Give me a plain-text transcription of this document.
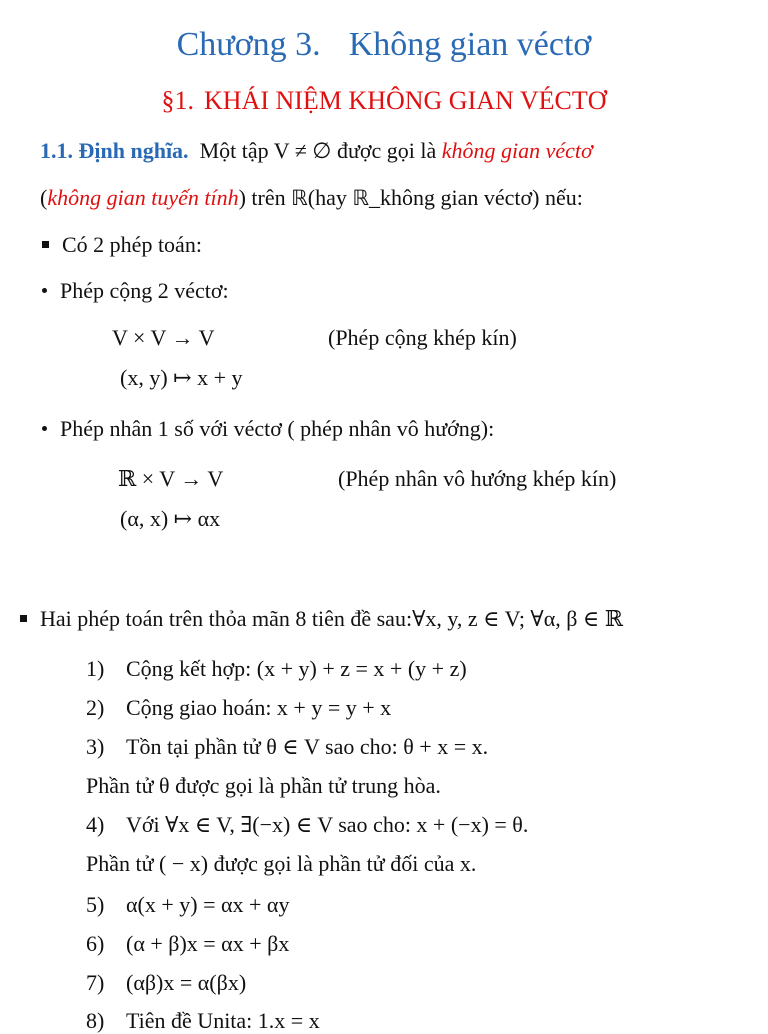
Chương 3. Không gian véctơ
§1. KHÁI NIỆM KHÔNG GIAN VÉCTƠ
1.1. Định nghĩa. Một tập V ≠ ∅ được gọi là không gian véctơ
(không gian tuyến tính) trên ℝ(hay ℝ_không gian véctơ) nếu:
Có 2 phép toán:
Phép cộng 2 véctơ:
V × V → V	(Phép cộng khép kín)
(x, y) ↦ x + y
Phép nhân 1 số với véctơ ( phép nhân vô hướng):
ℝ × V → V	(Phép nhân vô hướng khép kín)
(α, x) ↦ αx
Hai phép toán trên thỏa mãn 8 tiên đề sau:∀x, y, z ∈ V; ∀α, β ∈ ℝ
1) Cộng kết hợp: (x + y) + z = x + (y + z)
2) Cộng giao hoán: x + y = y + x
3) Tồn tại phần tử θ ∈ V sao cho: θ + x = x.
Phần tử θ được gọi là phần tử trung hòa.
4) Với ∀x ∈ V, ∃(−x) ∈ V sao cho: x + (−x) = θ.
Phần tử ( − x) được gọi là phần tử đối của x.
5) α(x + y) = αx + αy
6) (α + β)x = αx + βx
7) (αβ)x = α(βx)
8) Tiên đề Unita: 1.x = x
